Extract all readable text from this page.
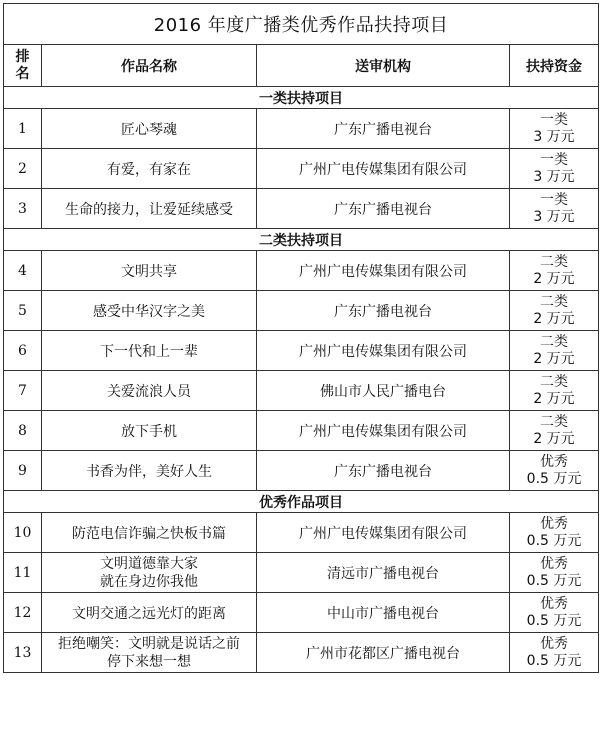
2016 年度广播类优秀作品扶持项目			
排
名	作品名称	送审机构	扶持资金
一类扶持项目			
1	匠心琴魂	广东广播电视台	一类
3 万元

2	有爱，有家在	广州广电传媒集团有限公司	一类
3 万元

3	生命的接力，让爱延续感受	广东广播电视台	一类
3 万元

二类扶持项目			
4	文明共享	广州广电传媒集团有限公司	二类
2 万元

5	感受中华汉字之美	广东广播电视台	二类
2 万元

6	下一代和上一辈	广州广电传媒集团有限公司	二类
2 万元

7	关爱流浪人员	佛山市人民广播电台	二类
2 万元

8	放下手机	广州广电传媒集团有限公司	二类
2 万元

9	书香为伴，美好人生	广东广播电视台	优秀
0.5 万元

优秀作品项目			
10	防范电信诈骗之快板书篇	广州广电传媒集团有限公司	优秀
0.5 万元

11	文明道德靠大家
就在身边你我他	清远市广播电视台	优秀
0.5 万元

12	文明交通之远光灯的距离	中山市广播电视台	优秀
0.5 万元

13	拒绝嘲笑：文明就是说话之前
停下来想一想	广州市花都区广播电视台	优秀
0.5 万元
